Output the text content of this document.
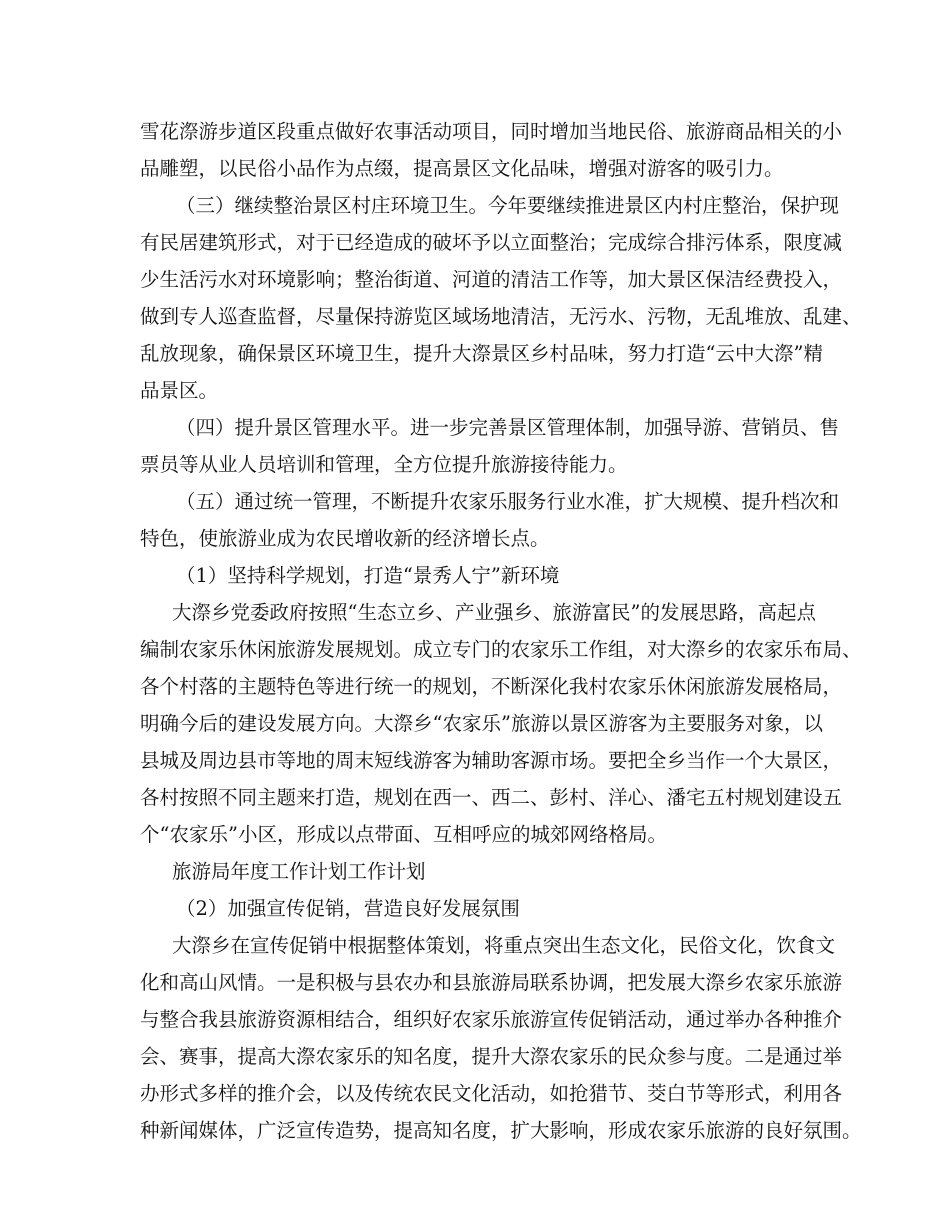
雪花漈游步道区段重点做好农事活动项目，同时增加当地民俗、旅游商品相关的小
品雕塑，以民俗小品作为点缀，提高景区文化品味，增强对游客的吸引力。
（三）继续整治景区村庄环境卫生。今年要继续推进景区内村庄整治，保护现
有民居建筑形式，对于已经造成的破坏予以立面整治；完成综合排污体系，限度减
少生活污水对环境影响；整治街道、河道的清洁工作等，加大景区保洁经费投入，
做到专人巡查监督，尽量保持游览区域场地清洁，无污水、污物，无乱堆放、乱建、
乱放现象，确保景区环境卫生，提升大漈景区乡村品味，努力打造“云中大漈”精
品景区。
（四）提升景区管理水平。进一步完善景区管理体制，加强导游、营销员、售
票员等从业人员培训和管理，全方位提升旅游接待能力。
（五）通过统一管理，不断提升农家乐服务行业水准，扩大规模、提升档次和
特色，使旅游业成为农民增收新的经济增长点。
（1）坚持科学规划，打造“景秀人宁”新环境
大漈乡党委政府按照“生态立乡、产业强乡、旅游富民”的发展思路，高起点
编制农家乐休闲旅游发展规划。成立专门的农家乐工作组，对大漈乡的农家乐布局、
各个村落的主题特色等进行统一的规划，不断深化我村农家乐休闲旅游发展格局，
明确今后的建设发展方向。大漈乡“农家乐”旅游以景区游客为主要服务对象，以
县城及周边县市等地的周末短线游客为辅助客源市场。要把全乡当作一个大景区，
各村按照不同主题来打造，规划在西一、西二、彭村、洋心、潘宅五村规划建设五
个“农家乐”小区，形成以点带面、互相呼应的城郊网络格局。
旅游局年度工作计划工作计划
（2）加强宣传促销，营造良好发展氛围
大漈乡在宣传促销中根据整体策划，将重点突出生态文化，民俗文化，饮食文
化和高山风情。一是积极与县农办和县旅游局联系协调，把发展大漈乡农家乐旅游
与整合我县旅游资源相结合，组织好农家乐旅游宣传促销活动，通过举办各种推介
会、赛事，提高大漈农家乐的知名度，提升大漈农家乐的民众参与度。二是通过举
办形式多样的推介会，以及传统农民文化活动，如抢猎节、茭白节等形式，利用各
种新闻媒体，广泛宣传造势，提高知名度，扩大影响，形成农家乐旅游的良好氛围。
